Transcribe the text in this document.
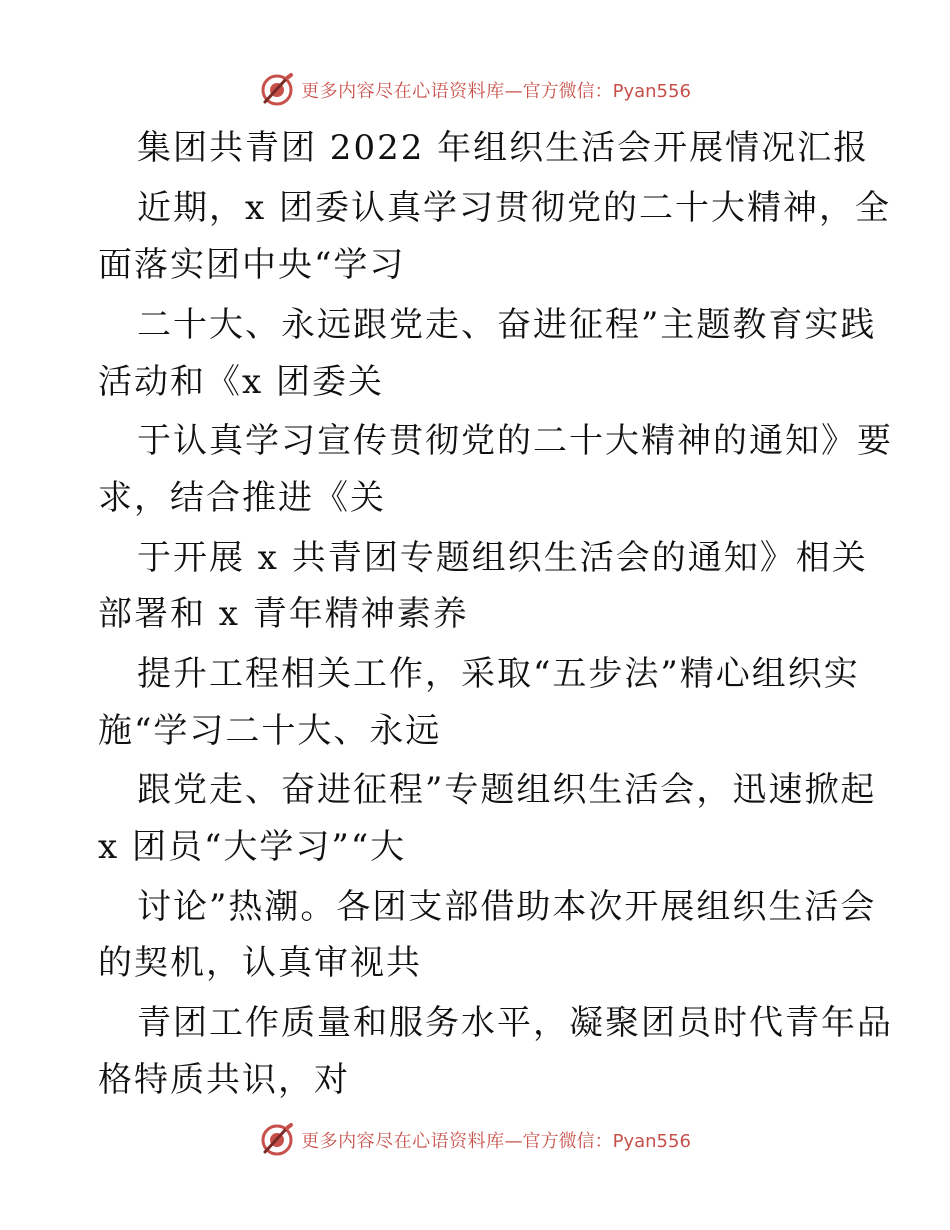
更多内容尽在心语资料库 —官方微信：Pyan556
集团共青团 2022 年组织生活会开展情况汇报
近期，x 团委认真学习贯彻党的二十大精神，全
面落实团中央“学习
二十大、永远跟党走、奋进征程”主题教育实践
活动和《x 团委关
于认真学习宣传贯彻党的二十大精神的通知》要
求，结合推进《关
于开展 x 共青团专题组织生活会的通知》相关
部署和 x 青年精神素养
提升工程相关工作，采取“五步法”精心组织实
施“学习二十大、永远
跟党走、奋进征程”专题组织生活会，迅速掀起
x 团员“大学习”“大
讨论”热潮。各团支部借助本次开展组织生活会
的契机，认真审视共
青团工作质量和服务水平，凝聚团员时代青年品
格特质共识，对
更多内容尽在心语资料库 —官方微信：Pyan556
